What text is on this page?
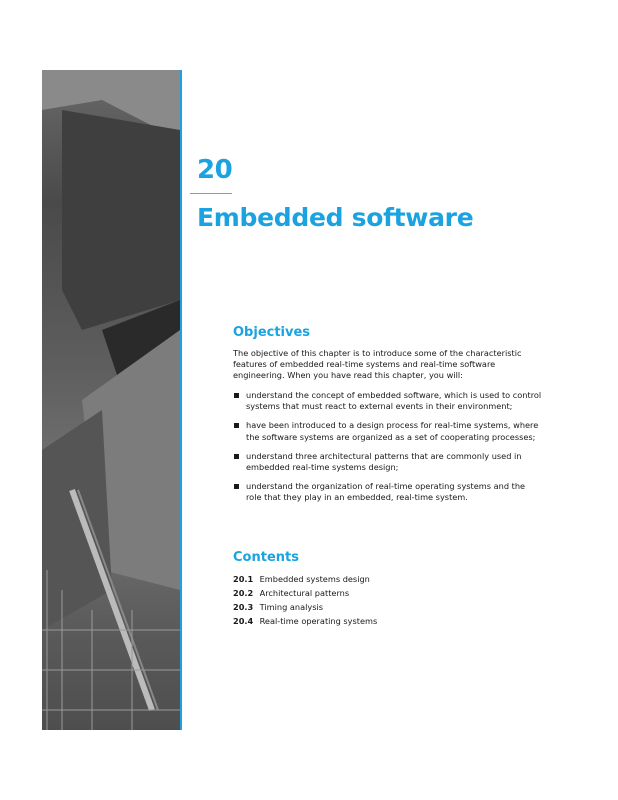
20
Embedded software
Objectives

The objective of this chapter is to introduce some of the characteristic features of embedded real-time systems and real-time software engineering. When you have read this chapter, you will:

understand the concept of embedded software, which is used to control systems that must react to external events in their environment;
have been introduced to a design process for real-time systems, where the software systems are organized as a set of cooperating processes;
understand three architectural patterns that are commonly used in embedded real-time systems design;
understand the organization of real-time operating systems and the role that they play in an embedded, real-time system.
Contents
20.1 Embedded systems design
20.2 Architectural patterns
20.3 Timing analysis
20.4 Real-time operating systems
